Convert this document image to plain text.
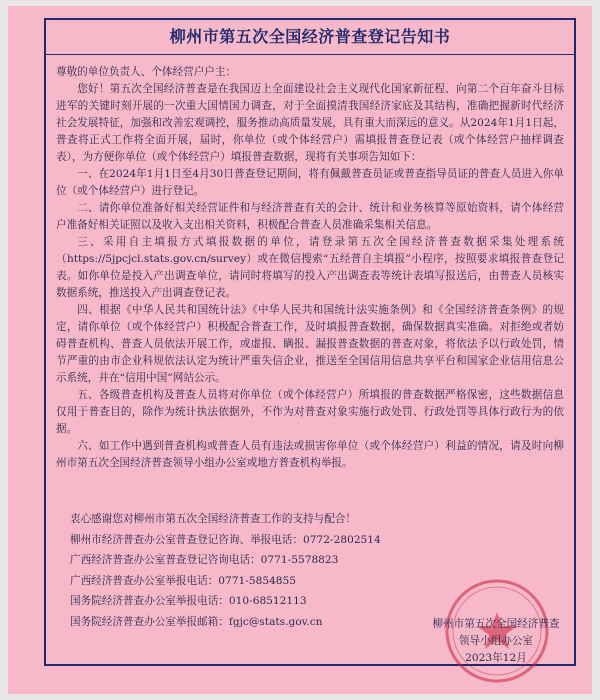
柳州市第五次全国经济普查登记告知书

尊敬的单位负责人、个体经营户户主：

您好！第五次全国经济普查是在我国迈上全面建设社会主义现代化国家新征程、向第二个百年奋斗目标进军的关键时刻开展的一次重大国情国力调查，对于全面摸清我国经济家底及其结构，准确把握新时代经济社会发展特征，加强和改善宏观调控，服务推动高质量发展，具有重大而深远的意义。从2024年1月1日起，普查将正式工作将全面开展，届时，你单位（或个体经营户）需填报普查登记表（或个体经营户抽样调查表），为方便你单位（或个体经营户）填报普查数据，现将有关事项告知如下：

一、在2024年1月1日至4月30日普查登记期间，将有佩戴普查员证或普查指导员证的普查人员进入你单位（或个体经营户）进行登记。

二、请你单位准备好相关经营证件和与经济普查有关的会计、统计和业务核算等原始资料，请个体经营户准备好相关证照以及收入支出相关资料，积极配合普查人员准确采集相关信息。

三、采用自主填报方式填报数据的单位，请登录第五次全国经济普查数据采集处理系统（https://5jpcjcl.stats.gov.cn/survey）或在微信搜索“五经普自主填报”小程序，按照要求填报普查登记表。如你单位是投入产出调查单位，请同时将填写的投入产出调查表等统计表填写报送后，由普查人员核实数据系统，推送投入产出调查登记表。

四、根据《中华人民共和国统计法》《中华人民共和国统计法实施条例》和《全国经济普查条例》的规定，请你单位（或个体经营户）积极配合普查工作，及时填报普查数据，确保数据真实准确。对拒绝或者妨碍普查机构、普查人员依法开展工作，或虚报、瞒报、漏报普查数据的普查对象，将依法予以行政处罚，情节严重的由市企业科规依法认定为统计严重失信企业，推送至全国信用信息共享平台和国家企业信用信息公示系统，并在“信用中国”网站公示。

五、各级普查机构及普查人员将对你单位（或个体经营户）所填报的普查数据严格保密，这些数据信息仅用于普查目的，除作为统计执法依据外，不作为对普查对象实施行政处罚、行政处罚等具体行政行为的依据。

六、如工作中遇到普查机构或普查人员有违法或损害你单位（或个体经营户）利益的情况，请及时向柳州市第五次全国经济普查领导小组办公室或地方普查机构举报。

衷心感谢您对柳州市第五次全国经济普查工作的支持与配合！
柳州市经济普查办公室普查登记咨询、举报电话：0772-2802514
广西经济普查办公室普查登记咨询电话：0771-5578823
广西经济普查办公室举报电话：0771-5854855
国务院经济普查办公室举报电话：010-68512113
国务院经济普查办公室举报邮箱：fgjc@stats.gov.cn	柳州市第五次全国经济普查
领导小组办公室
2023年12月
